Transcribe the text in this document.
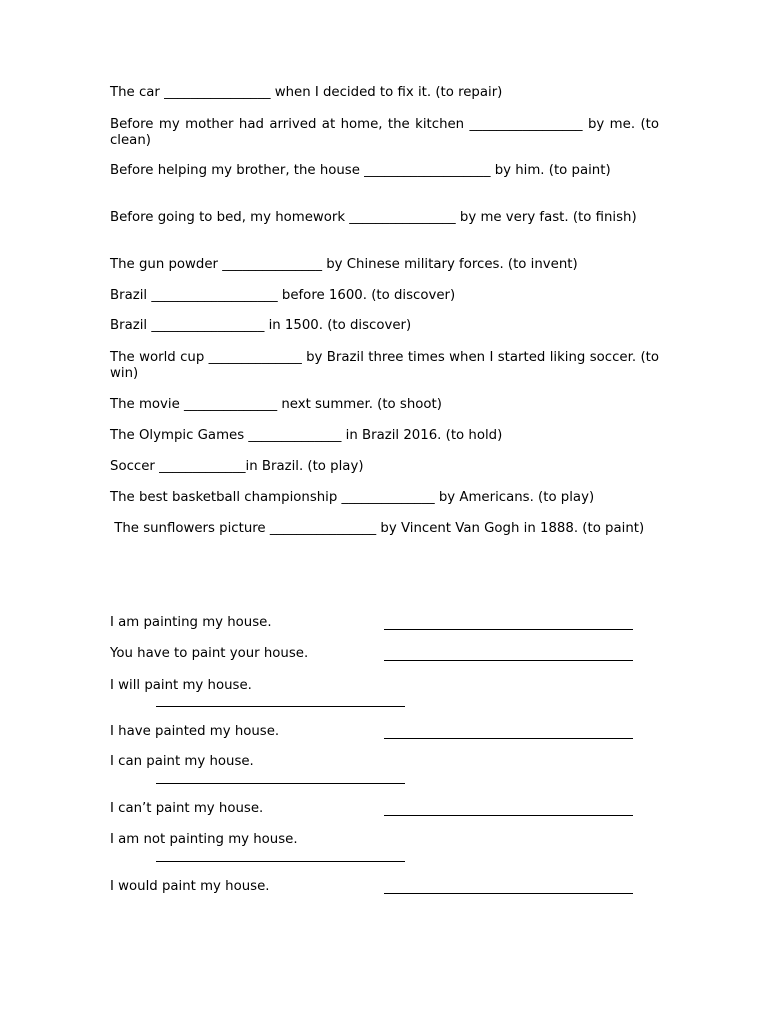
The car ________________ when I decided to fix it. (to repair)

Before my mother had arrived at home, the kitchen _________________ by me. (to clean)

Before helping my brother, the house ___________________ by him. (to paint)

Before going to bed, my homework ________________ by me very fast. (to finish)

The gun powder _______________ by Chinese military forces. (to invent)

Brazil ___________________ before 1600. (to discover)

Brazil _________________ in 1500. (to discover)

The world cup ______________ by Brazil three times when I started liking soccer. (to win)

The movie ______________ next summer. (to shoot)

The Olympic Games ______________ in Brazil 2016. (to hold)

Soccer _____________in Brazil. (to play)

The best basketball championship ______________ by Americans. (to play)

The sunflowers picture ________________ by Vincent Van Gogh in 1888. (to paint)

I am painting my house.

You have to paint your house.

I will paint my house.

I have painted my house.

I can paint my house.

I can’t paint my house.

I am not painting my house.

I would paint my house.
